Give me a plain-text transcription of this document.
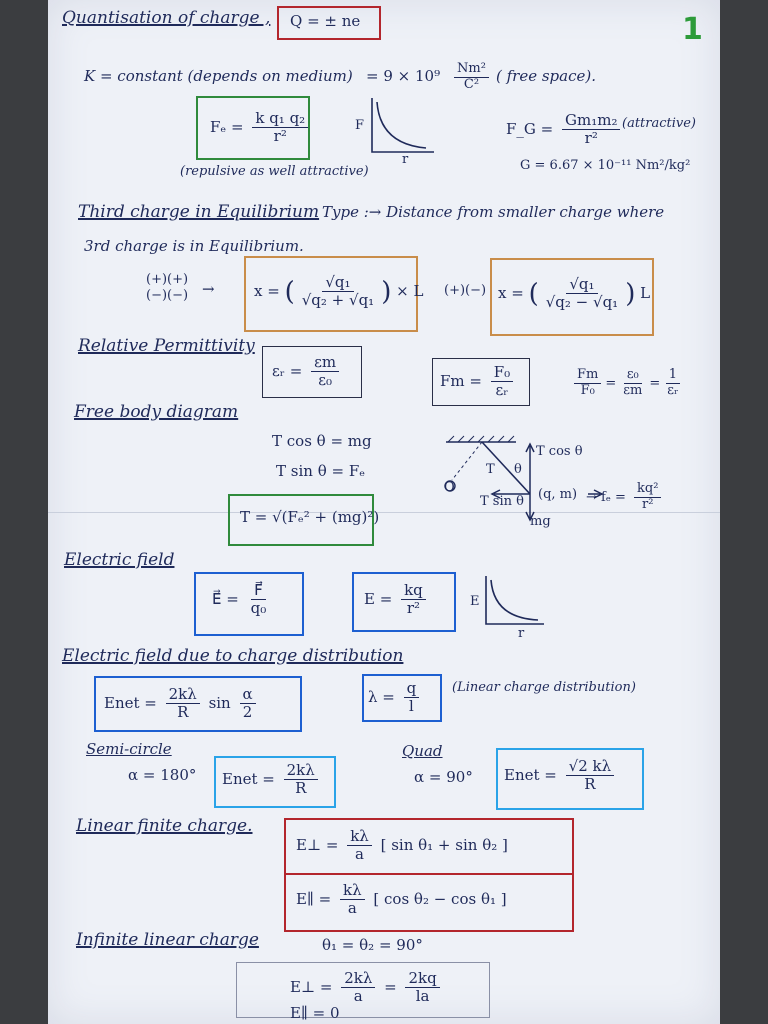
1
Quantisation of charge , Q = ± ne
K = constant (depends on medium) = $9 \times 10^9 \frac{\text{Nm²}}{\text{C²}}$ ( free space).
$F_e = \frac{\text{k q₁ q₂}}{\text{r²}}$
(repulsive as well attractive)
F
r
F_G = $\frac{\text{Gm₁m₂}}{\text{r²}}$ (attractive)
G = 6.67 × 10⁻¹¹ Nm²/kg²
Third charge in Equilibrium Type :→ Distance from smaller charge where
3rd charge is in Equilibrium.
(+)(+)
(−)(−) →	x = ( $\frac{\text{√q₁}}{\text{√q₂ + √q₁}}$ ) × L (+)(−) x = ( $\frac{\text{√q₁}}{\text{√q₂ − √q₁}}$ ) L
Relative Permittivity
εᵣ = $\frac{\varepsilon m}{\text{ε₀}}$	$Fm = \frac{\text{F₀}}{\text{εᵣ}}$	$\frac{Fm}{\text{F₀}} = \frac{\text{ε₀}}{\varepsilon m} = \frac{1}{\text{εᵣ}}$
Free body diagram
T cos θ = mg
T sin θ = Fₑ
T = √(Fₑ² + (mg)²)
T cos θ
θ
T
O
T sin θ (q, m)
mg
→ $f_e = \frac{\text{kq²}}{\text{r²}}$
Electric field
E⃗ = $\frac{F⃗}{\text{q₀}}$	$E = \frac{kq}{\text{r²}}$	E
r
Electric field due to charge distribution
Enet = $\frac{2k\lambda}{R}$ $\sin \frac{\alpha}{2}$	$\lambda = \frac{q}{l}$	(Linear charge distribution)
Semi-circle
α = 180° Enet = $\frac{2k\lambda}{R}$
Quad
α = 90° Enet = $\frac{√2 k\lambda}{R}$
Linear finite charge.
E⊥ = $\frac{k\lambda}{a}$ [ sin θ₁ + sin θ₂ ]
E∥ = $\frac{k\lambda}{a}$ [ cos θ₂ − cos θ₁ ]
Infinite linear charge	θ₁ = θ₂ = 90°
E⊥ = $\frac{2k\lambda}{a} = \frac{2kq}{la}$
E∥ = 0
